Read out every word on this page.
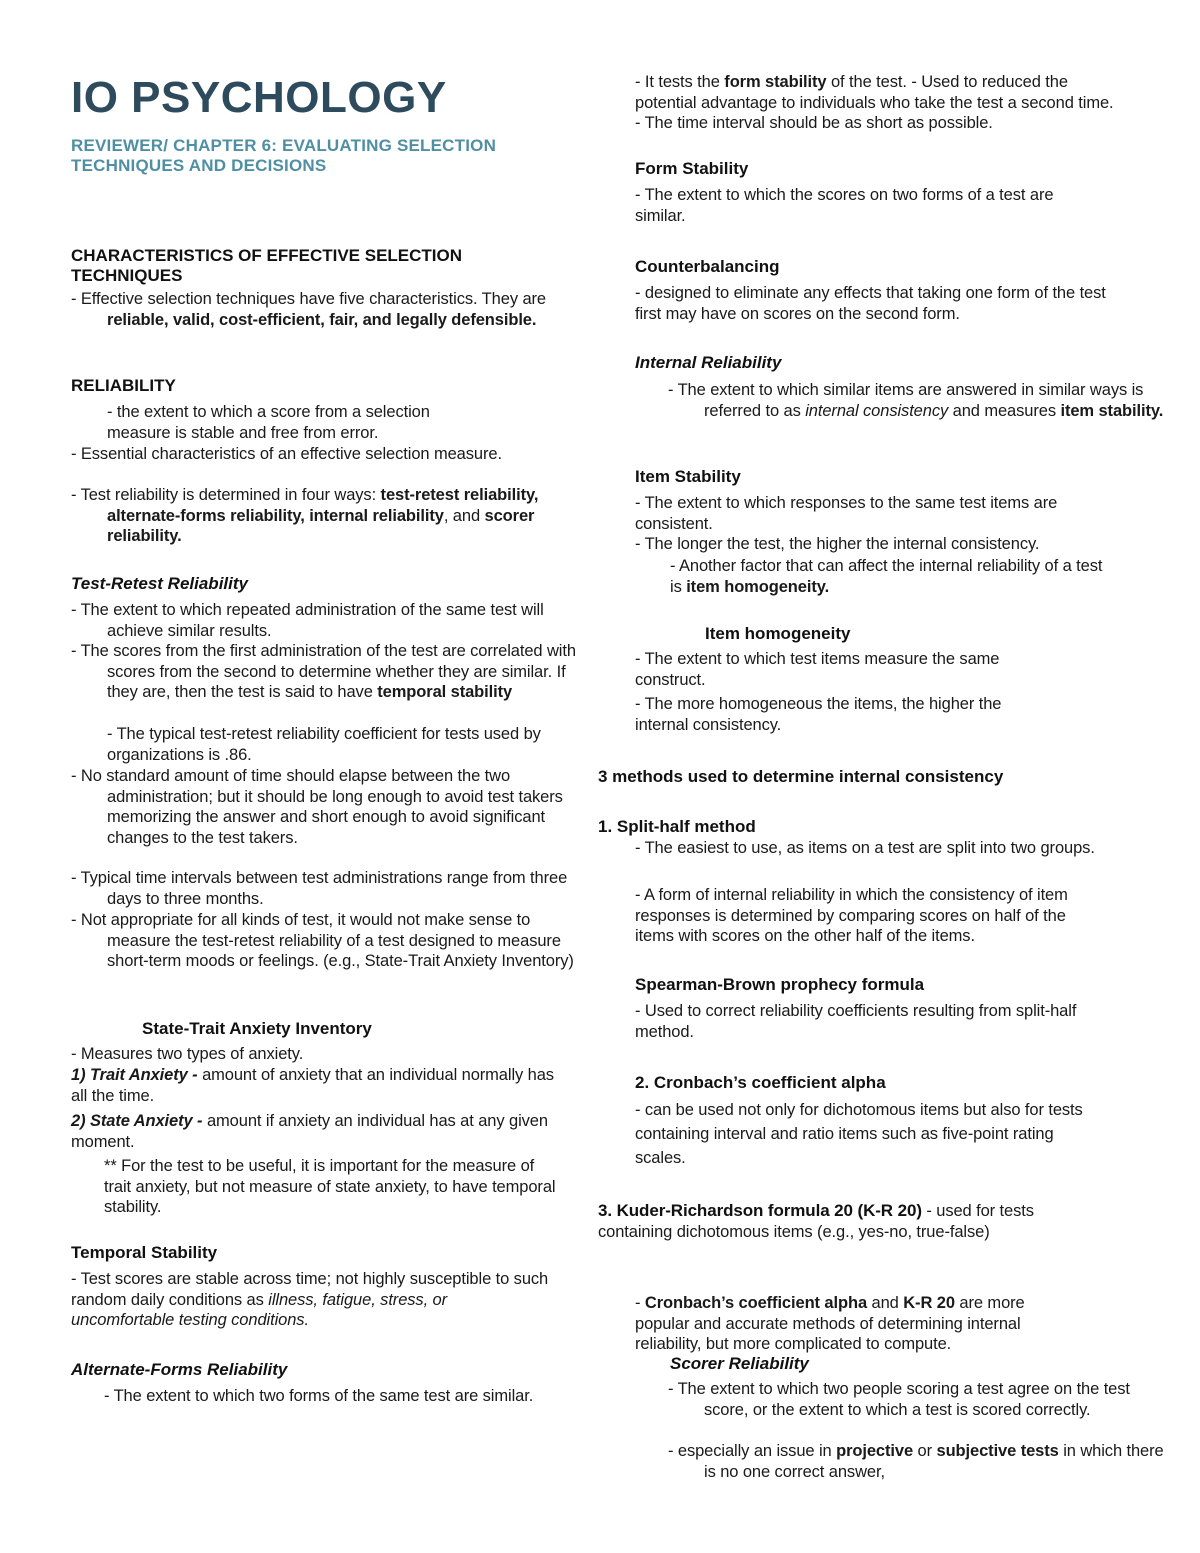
IO PSYCHOLOGY
REVIEWER/ CHAPTER 6: EVALUATING SELECTION
TECHNIQUES AND DECISIONS
CHARACTERISTICS OF EFFECTIVE SELECTION
TECHNIQUES

- Effective selection techniques have five characteristics. They are reliable, valid, cost-efficient, fair, and legally defensible.

RELIABILITY

- the extent to which a score from a selection measure is stable and free from error.

- Essential characteristics of an effective selection measure.

- Test reliability is determined in four ways: test-retest reliability, alternate-forms reliability, internal reliability, and scorer reliability.

Test-Retest Reliability

- The extent to which repeated administration of the same test will achieve similar results.

- The scores from the first administration of the test are correlated with scores from the second to determine whether they are similar. If they are, then the test is said to have temporal stability

- The typical test-retest reliability coefficient for tests used by organizations is .86.

- No standard amount of time should elapse between the two administration; but it should be long enough to avoid test takers memorizing the answer and short enough to avoid significant changes to the test takers.

- Typical time intervals between test administrations range from three days to three months.

- Not appropriate for all kinds of test, it would not make sense to measure the test-retest reliability of a test designed to measure short-term moods or feelings. (e.g., State-Trait Anxiety Inventory)

State-Trait Anxiety Inventory

- Measures two types of anxiety.

1) Trait Anxiety - amount of anxiety that an individual normally has all the time.

2) State Anxiety - amount if anxiety an individual has at any given moment.

** For the test to be useful, it is important for the measure of trait anxiety, but not measure of state anxiety, to have temporal stability.

Temporal Stability

- Test scores are stable across time; not highly susceptible to such random daily conditions as illness, fatigue, stress, or uncomfortable testing conditions.

Alternate-Forms Reliability

- The extent to which two forms of the same test are similar.

- It tests the form stability of the test. - Used to reduced the potential advantage to individuals who take the test a second time. - The time interval should be as short as possible.

Form Stability

- The extent to which the scores on two forms of a test are similar.

Counterbalancing

- designed to eliminate any effects that taking one form of the test first may have on scores on the second form.

Internal Reliability

- The extent to which similar items are answered in similar ways is referred to as internal consistency and measures item stability.

Item Stability

- The extent to which responses to the same test items are consistent.

- The longer the test, the higher the internal consistency.

- Another factor that can affect the internal reliability of a test is item homogeneity.

Item homogeneity

- The extent to which test items measure the same construct.

- The more homogeneous the items, the higher the internal consistency.

3 methods used to determine internal consistency
1. Split-half method

- The easiest to use, as items on a test are split into two groups.

- A form of internal reliability in which the consistency of item responses is determined by comparing scores on half of the items with scores on the other half of the items.

Spearman-Brown prophecy formula

- Used to correct reliability coefficients resulting from split-half method.

2. Cronbach’s coefficient alpha

- can be used not only for dichotomous items but also for tests containing interval and ratio items such as five-point rating scales.

3. Kuder-Richardson formula 20 (K-R 20) - used for tests containing dichotomous items (e.g., yes-no, true-false)

- Cronbach’s coefficient alpha and K-R 20 are more popular and accurate methods of determining internal reliability, but more complicated to compute.

Scorer Reliability

- The extent to which two people scoring a test agree on the test score, or the extent to which a test is scored correctly.

- especially an issue in projective or subjective tests in which there is no one correct answer,
